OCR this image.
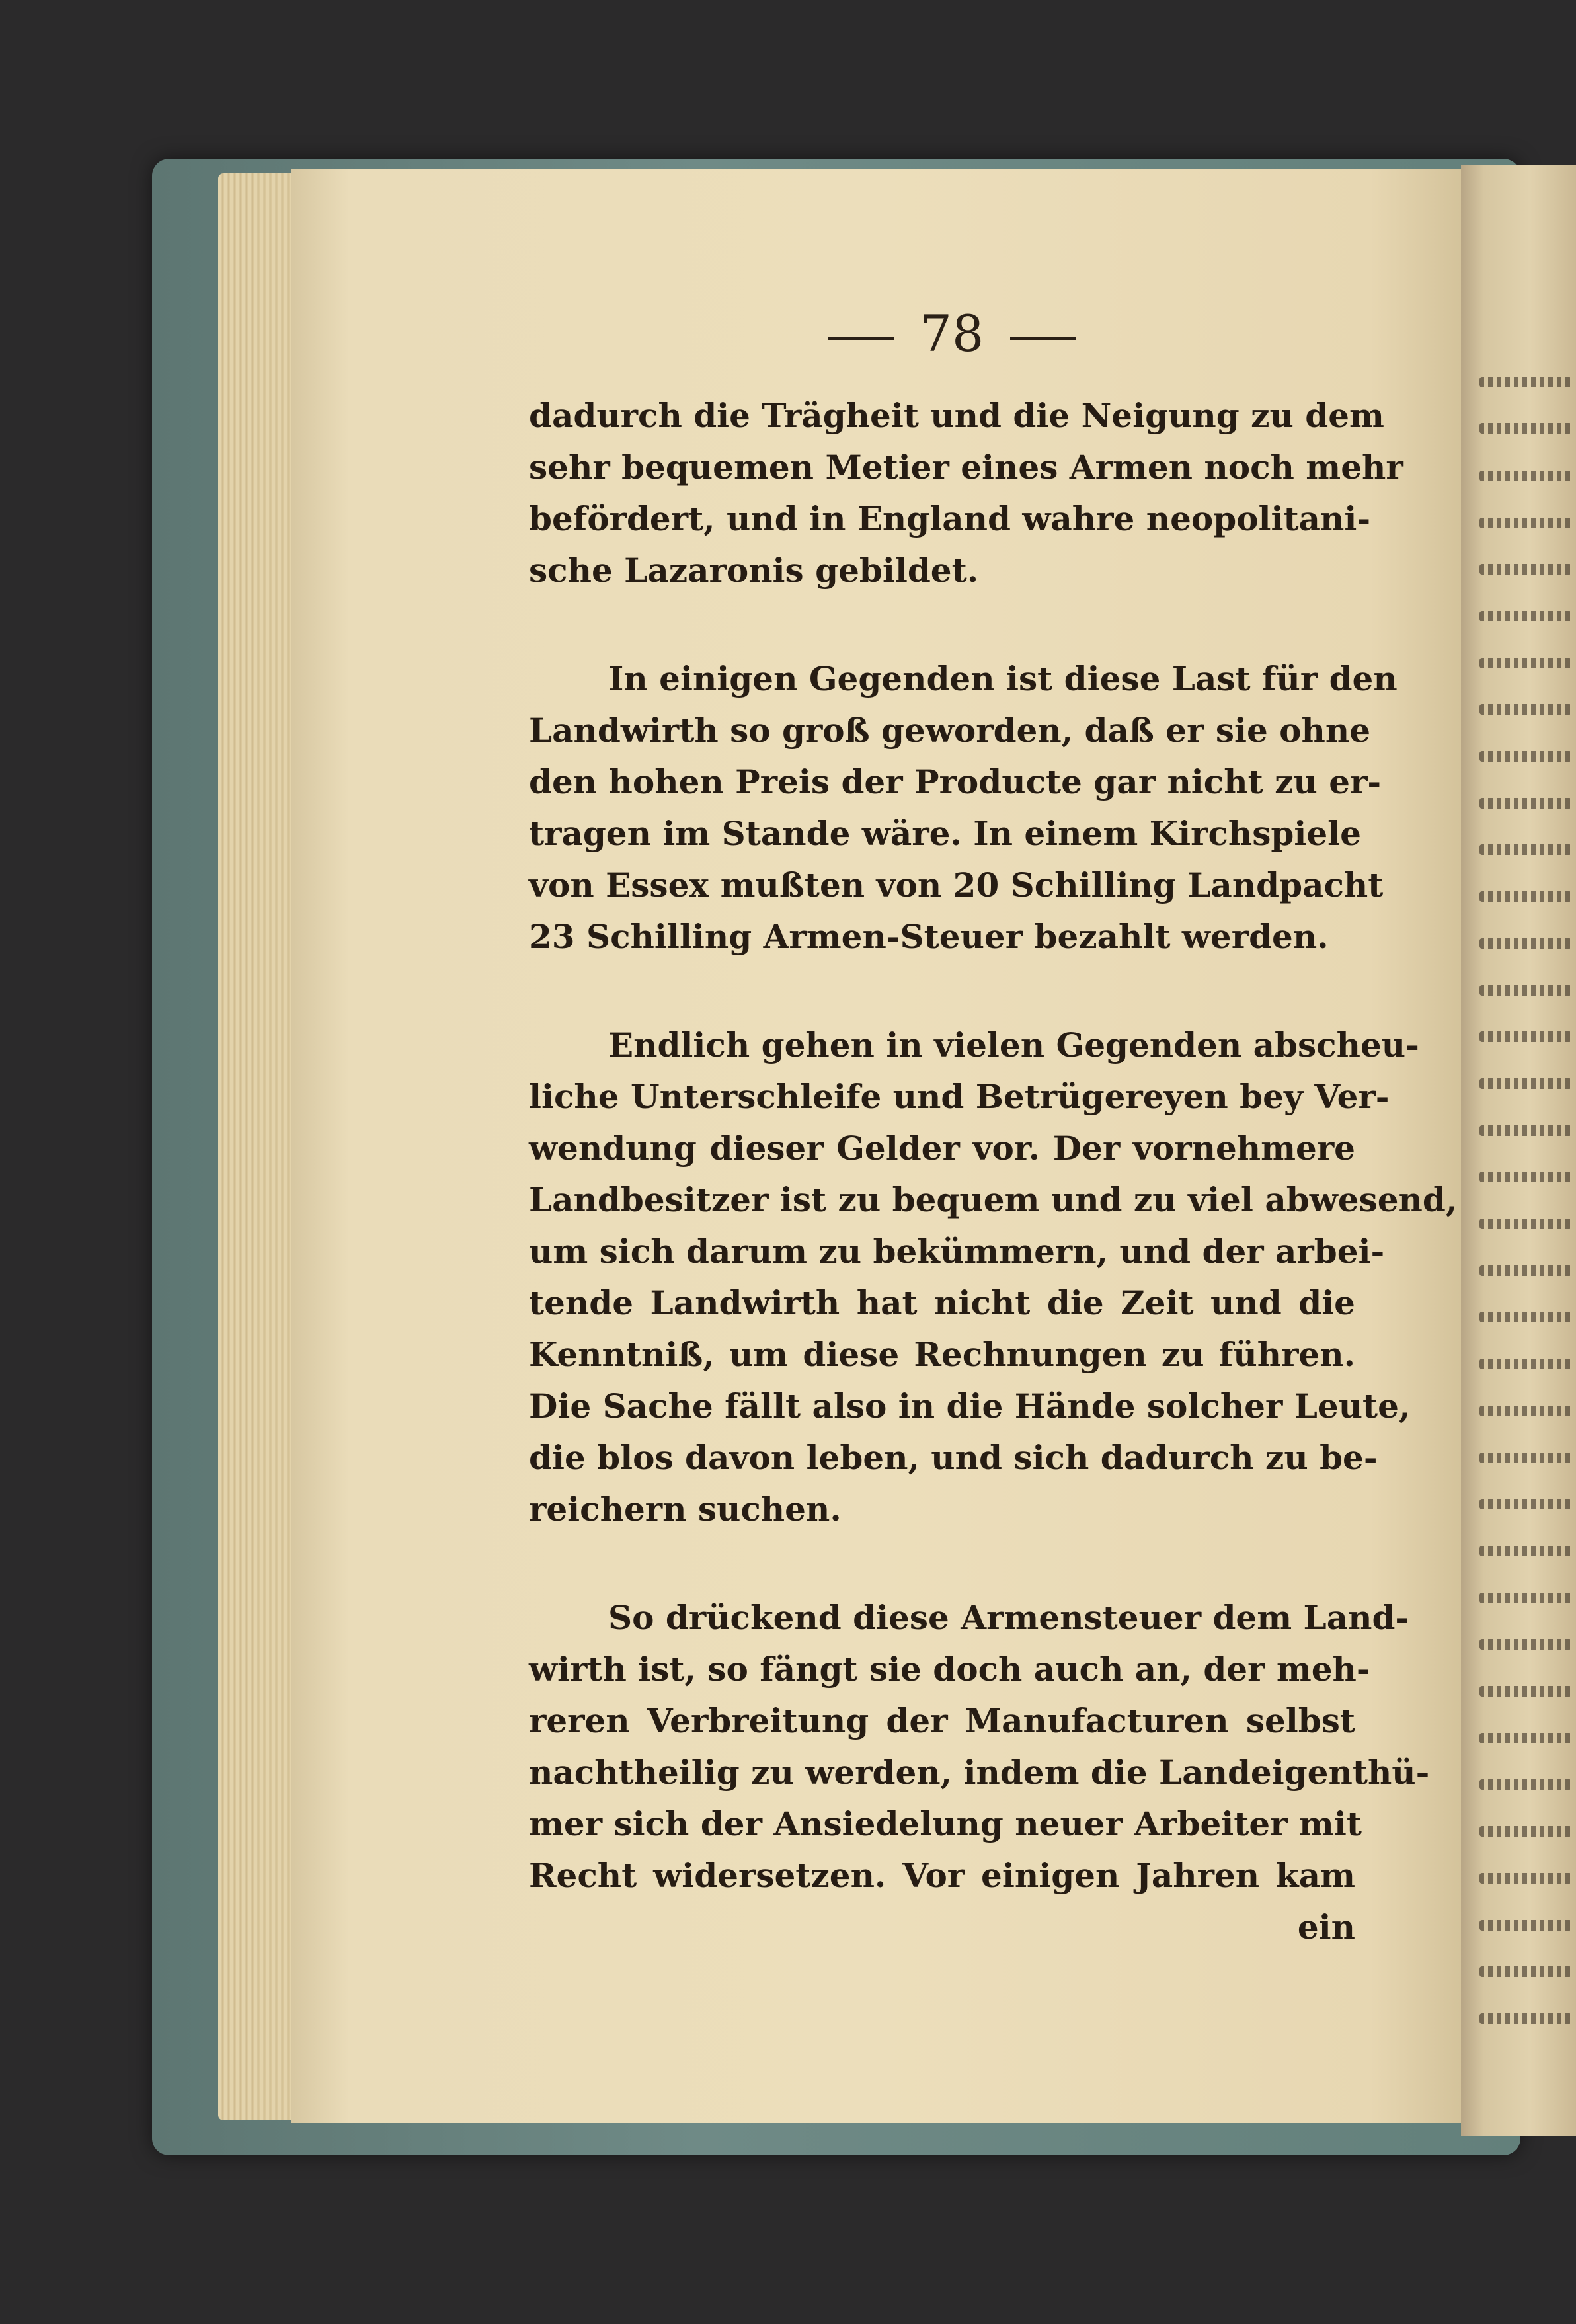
78
dadurch die Trägheit und die Neigung zu dem
sehr bequemen Metier eines Armen noch mehr
befördert, und in England wahre neopolitani-
sche Lazaronis gebildet.
In einigen Gegenden ist diese Last für den
Landwirth so groß geworden, daß er sie ohne
den hohen Preis der Producte gar nicht zu er-
tragen im Stande wäre. In einem Kirchspiele
von Essex mußten von 20 Schilling Landpacht
23 Schilling Armen-Steuer bezahlt werden.
Endlich gehen in vielen Gegenden abscheu-
liche Unterschleife und Betrügereyen bey Ver-
wendung dieser Gelder vor. Der vornehmere
Landbesitzer ist zu bequem und zu viel abwesend,
um sich darum zu bekümmern, und der arbei-
tende Landwirth hat nicht die Zeit und die
Kenntniß, um diese Rechnungen zu führen.
Die Sache fällt also in die Hände solcher Leute,
die blos davon leben, und sich dadurch zu be-
reichern suchen.
So drückend diese Armensteuer dem Land-
wirth ist, so fängt sie doch auch an, der meh-
reren Verbreitung der Manufacturen selbst
nachtheilig zu werden, indem die Landeigenthü-
mer sich der Ansiedelung neuer Arbeiter mit
Recht widersetzen. Vor einigen Jahren kam
ein
